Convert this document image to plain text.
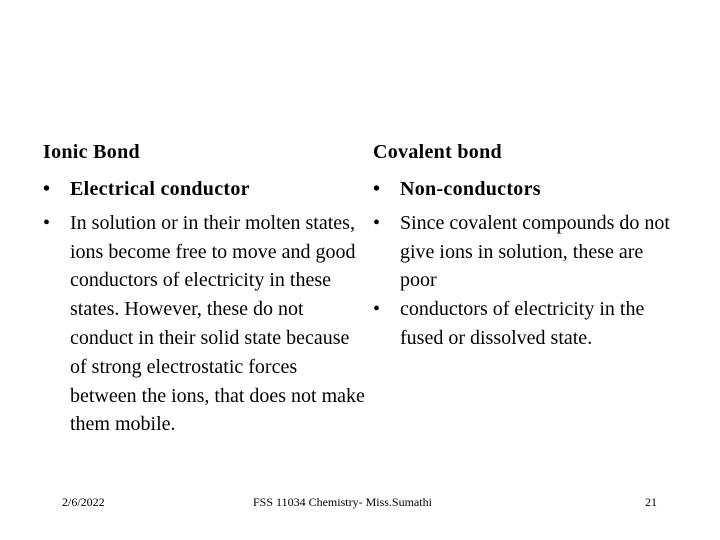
Ionic Bond	Covalent bond
• Electrical conductor
• In solution or in their molten states, ions become free to move and good conductors of electricity in these states. However, these do not conduct in their solid state because of strong electrostatic forces between the ions, that does not make them mobile.
• Non-conductors
• Since covalent compounds do not give ions in solution, these are poor
• conductors of electricity in the fused or dissolved state.
2/6/2022	FSS 11034 Chemistry- Miss.Sumathi	21
